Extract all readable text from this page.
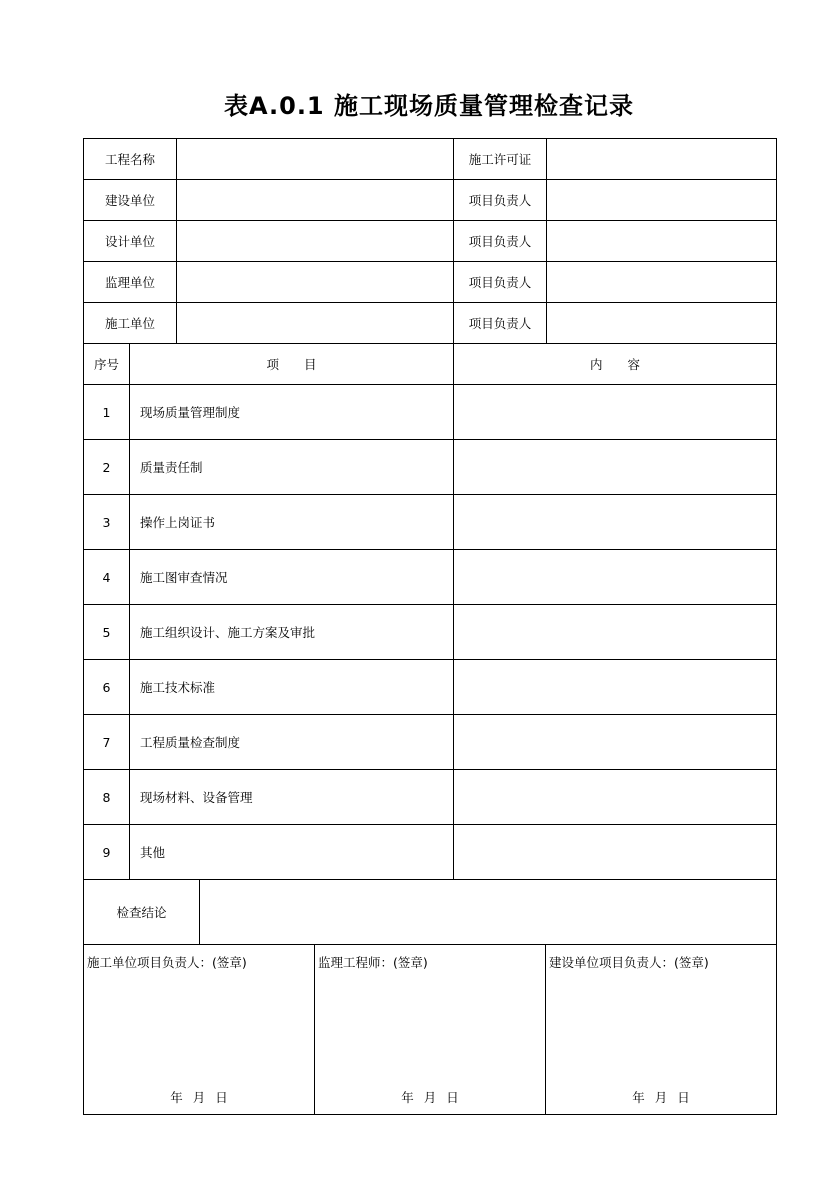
表A.0.1 施工现场质量管理检查记录
工程名称	施工许可证
建设单位	项目负责人
设计单位	项目负责人
监理单位	项目负责人
施工单位	项目负责人
序号	项　　目	内　　容
1 现场质量管理制度
2 质量责任制
3 操作上岗证书
4 施工图审查情况
5 施工组织设计、施工方案及审批
6 施工技术标准
7 工程质量检查制度
8 现场材料、设备管理
9 其他
检查结论
施工单位项目负责人：(签章)
年 月 日
监理工程师：(签章)
年 月 日
建设单位项目负责人：(签章)
年 月 日
